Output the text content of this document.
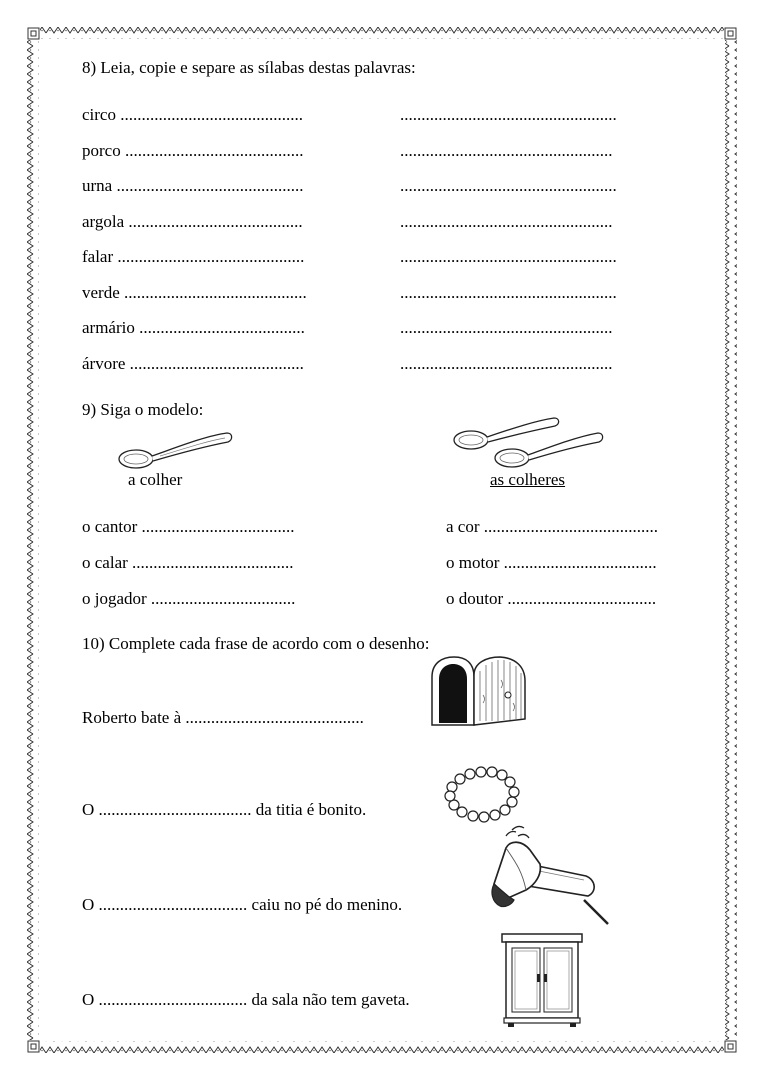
8) Leia, copie e separe as sílabas destas palavras:
circo ...........................................	...................................................
porco ..........................................	..................................................
urna ............................................	...................................................
argola .........................................	..................................................
falar ............................................	...................................................
verde ...........................................	...................................................
armário .......................................	..................................................
árvore .........................................	..................................................
9) Siga o modelo:
a colher	as colheres
o cantor ....................................	a cor .........................................
o calar ......................................	o motor ....................................
o jogador ..................................	o doutor ...................................
10) Complete cada frase de acordo com o desenho:
Roberto bate à ..........................................
O .................................... da titia é bonito.
O ................................... caiu no pé do menino.
O ................................... da sala não tem gaveta.
